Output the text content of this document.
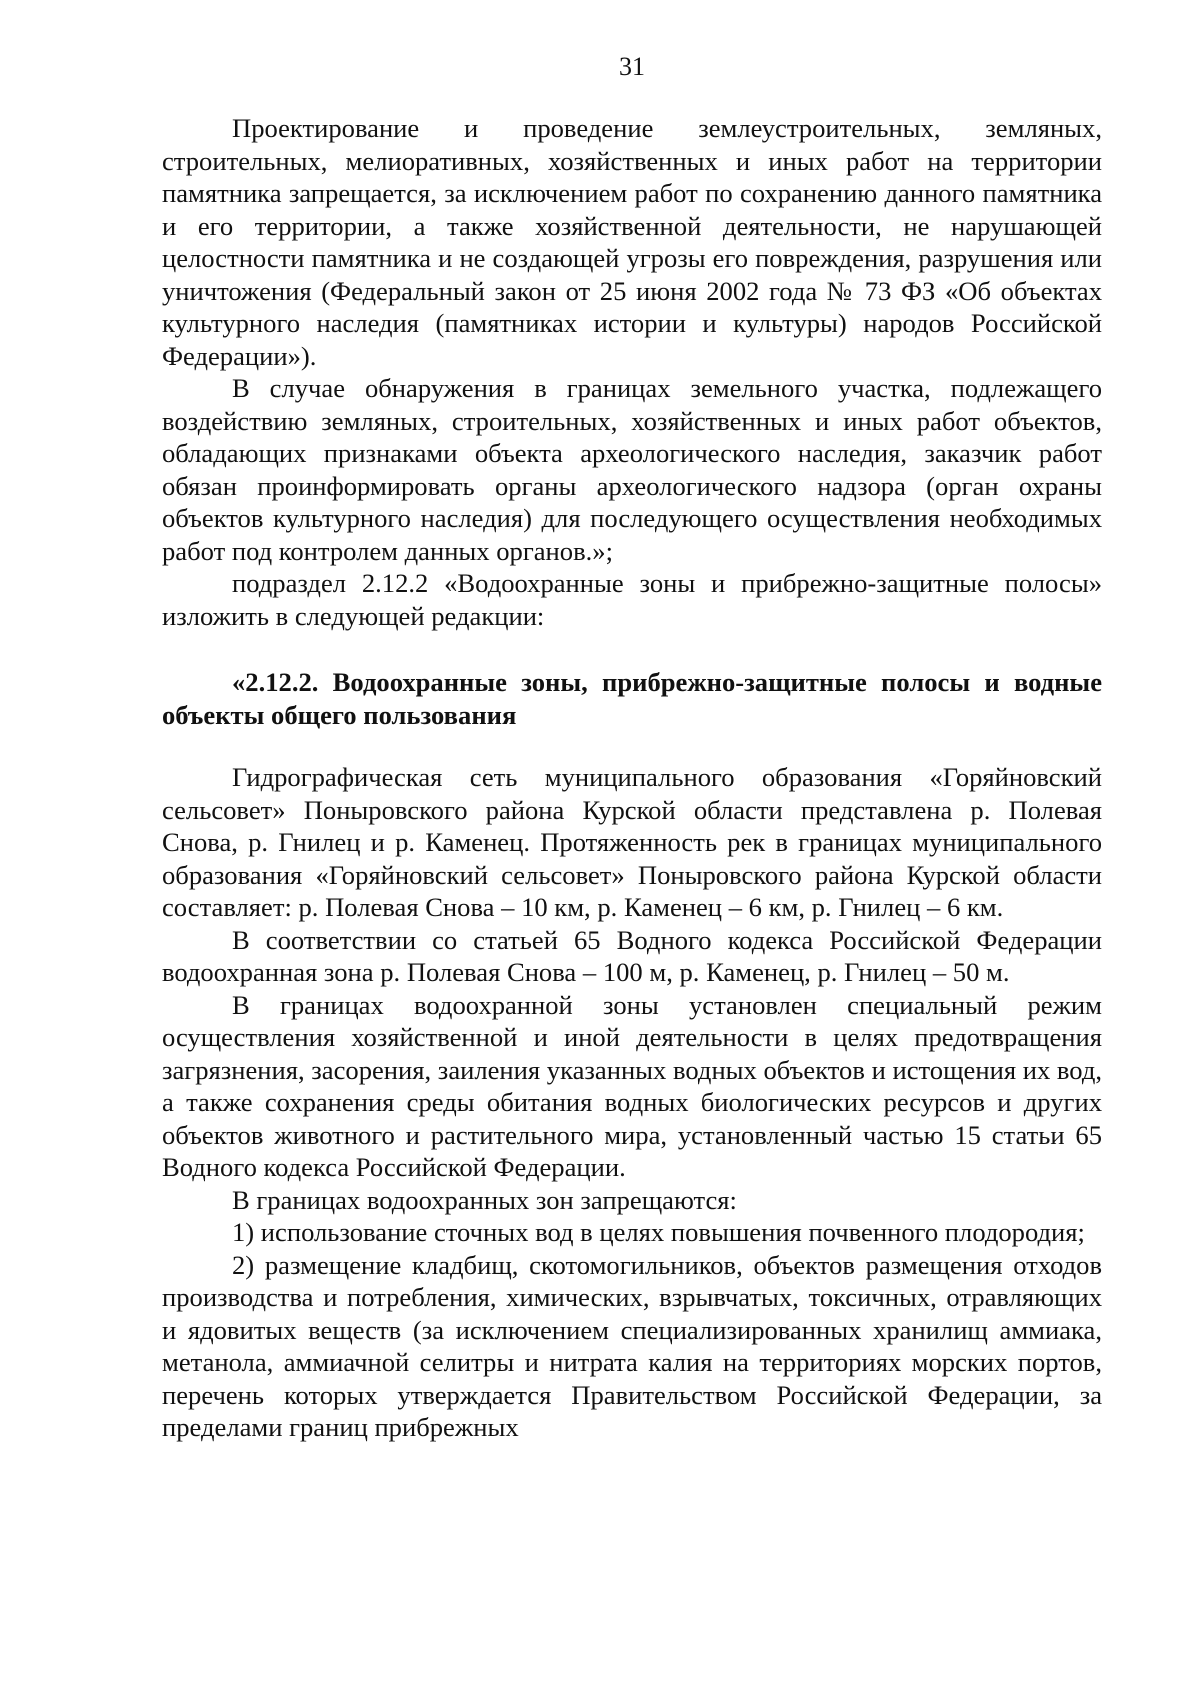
31

Проектирование и проведение землеустроительных, земляных, строительных, мелиоративных, хозяйственных и иных работ на территории памятника запрещается, за исключением работ по сохранению данного памятника и его территории, а также хозяйственной деятельности, не нарушающей целостности памятника и не создающей угрозы его повреждения, разрушения или уничтожения (Федеральный закон от 25 июня 2002 года № 73 ФЗ «Об объектах культурного наследия (памятниках истории и культуры) народов Российской Федерации»).

В случае обнаружения в границах земельного участка, подлежащего воздействию земляных, строительных, хозяйственных и иных работ объектов, обладающих признаками объекта археологического наследия, заказчик работ обязан проинформировать органы археологического надзора (орган охраны объектов культурного наследия) для последующего осуществления необходимых работ под контролем данных органов.»;

подраздел 2.12.2 «Водоохранные зоны и прибрежно-защитные полосы» изложить в следующей редакции:

«2.12.2. Водоохранные зоны, прибрежно-защитные полосы и водные объекты общего пользования

Гидрографическая сеть муниципального образования «Горяйновский сельсовет» Поныровского района Курской области представлена р. Полевая Снова, р. Гнилец и р. Каменец. Протяженность рек в границах муниципального образования «Горяйновский сельсовет» Поныровского района Курской области составляет: р. Полевая Снова – 10 км, р. Каменец – 6 км, р. Гнилец – 6 км.

В соответствии со статьей 65 Водного кодекса Российской Федерации водоохранная зона р. Полевая Снова – 100 м, р. Каменец, р. Гнилец – 50 м.

В границах водоохранной зоны установлен специальный режим осуществления хозяйственной и иной деятельности в целях предотвращения загрязнения, засорения, заиления указанных водных объектов и истощения их вод, а также сохранения среды обитания водных биологических ресурсов и других объектов животного и растительного мира, установленный частью 15 статьи 65 Водного кодекса Российской Федерации.

В границах водоохранных зон запрещаются:

1) использование сточных вод в целях повышения почвенного плодородия;

2) размещение кладбищ, скотомогильников, объектов размещения отходов производства и потребления, химических, взрывчатых, токсичных, отравляющих и ядовитых веществ (за исключением специализированных хранилищ аммиака, метанола, аммиачной селитры и нитрата калия на территориях морских портов, перечень которых утверждается Правительством Российской Федерации, за пределами границ прибрежных
